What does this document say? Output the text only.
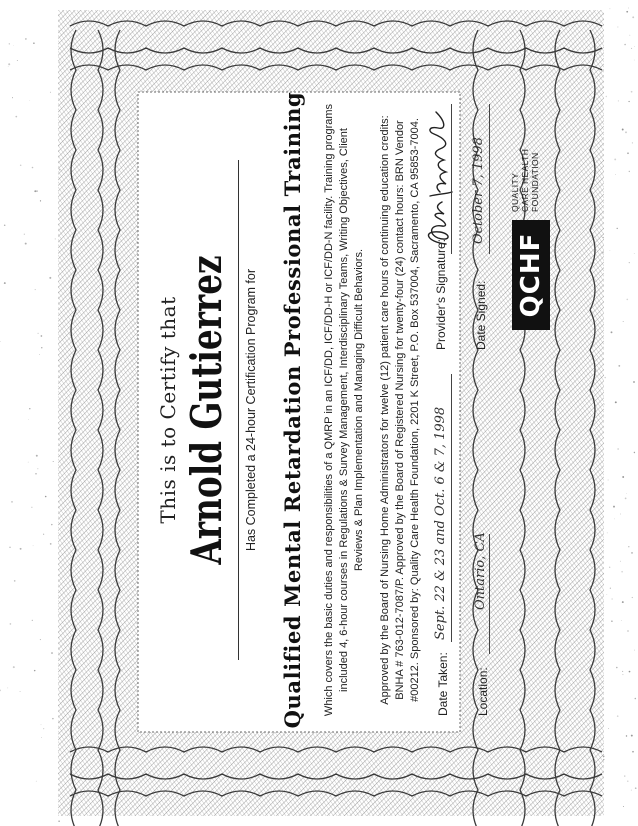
This is to Certify that Arnold Gutierrez Has Completed a 24-hour Certification Program for Qualified Mental Retardation Professional Training Which covers the basic duties and responsibilities of a QMRP in an ICF/DD, ICF/DD-H or ICF/DD-N facility. Training programs included 4, 6-hour courses in Regulations & Survey Management, Interdisciplinary Teams, Writing Objectives, Client Reviews & Plan Implementation and Managing Difficult Behaviors. Approved by the Board of Nursing Home Administrators for twelve (12) patient care hours of continuing education credits: BNHA # 763-012-7087/P. Approved by the Board of Registered Nursing for twenty-four (24) contact hours: BRN Vendor #00212. Sponsored by: Quality Care Health Foundation, 2201 K Street, P.O. Box 537004, Sacramento, CA 95853-7004. Date Taken:
Sept. 22 & 23 and Oct. 6 & 7, 1998
Location:
Ontario, CA
Provider's Signature: Date Signed:
October 7, 1998
QCHF
QUALITY CARE HEALTH FOUNDATION
